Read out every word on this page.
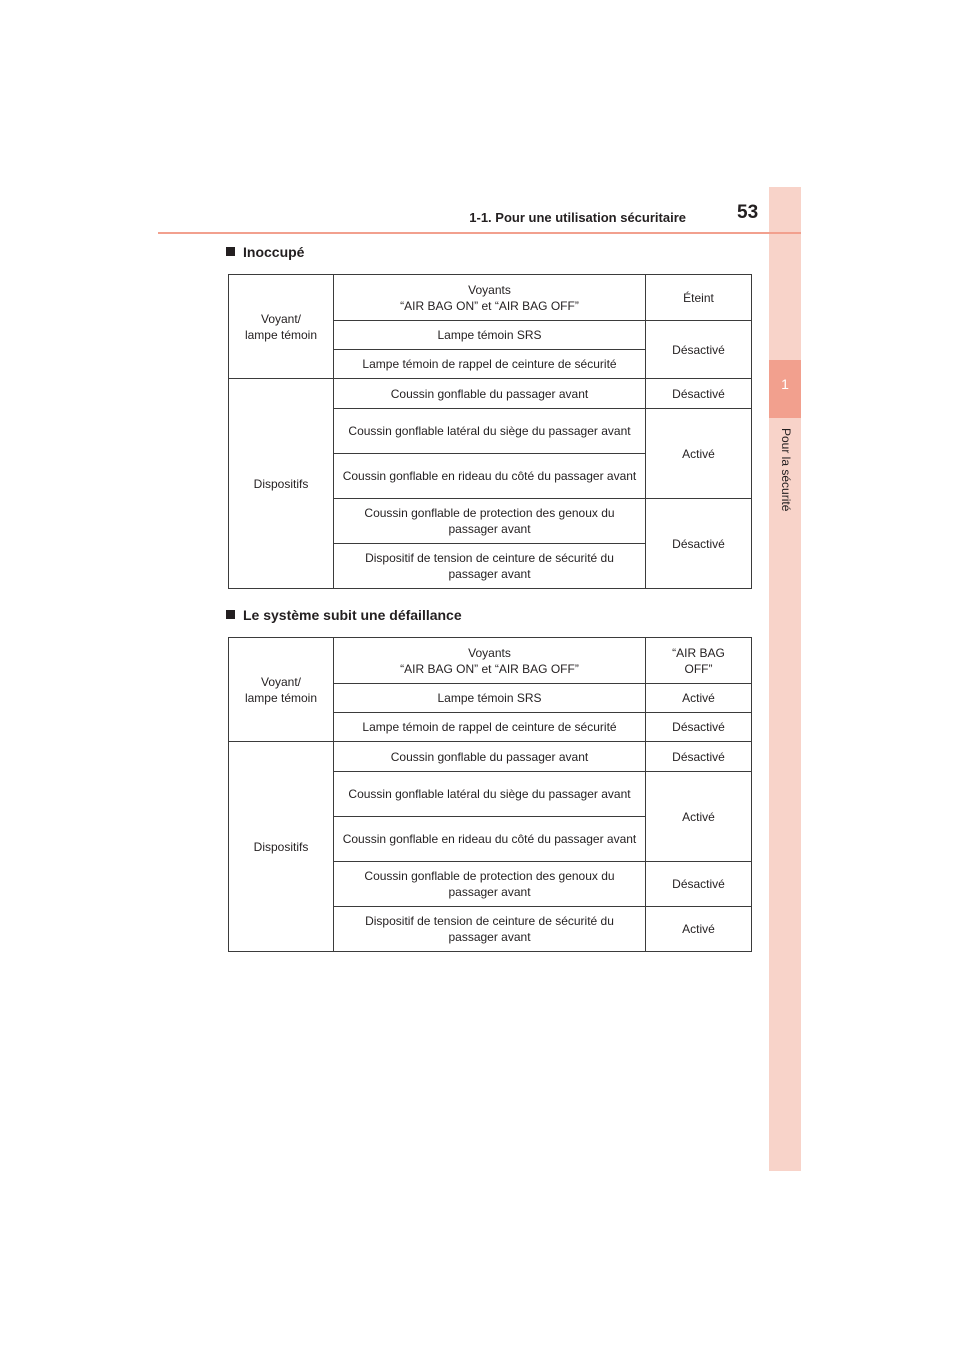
1
Pour la sécurité
1-1. Pour une utilisation sécuritaire	53
Inoccupé
Voyant/
lampe témoin	Voyants
“AIR BAG ON” et “AIR BAG OFF”	Éteint
	Lampe témoin SRS	Désactivé
	Lampe témoin de rappel de ceinture de sécurité	
Dispositifs	Coussin gonflable du passager avant	Désactivé
	Coussin gonflable latéral du siège du passager avant	Activé
	Coussin gonflable en rideau du côté du passager avant	
	Coussin gonflable de protection des genoux du passager avant	Désactivé
	Dispositif de tension de ceinture de sécurité du passager avant	
Le système subit une défaillance
Voyant/
lampe témoin	Voyants
“AIR BAG ON” et “AIR BAG OFF”	“AIR BAG
OFF”
	Lampe témoin SRS	Activé
	Lampe témoin de rappel de ceinture de sécurité	Désactivé
Dispositifs	Coussin gonflable du passager avant	Désactivé
	Coussin gonflable latéral du siège du passager avant	Activé
	Coussin gonflable en rideau du côté du passager avant	
	Coussin gonflable de protection des genoux du passager avant	Désactivé
	Dispositif de tension de ceinture de sécurité du passager avant	Activé
